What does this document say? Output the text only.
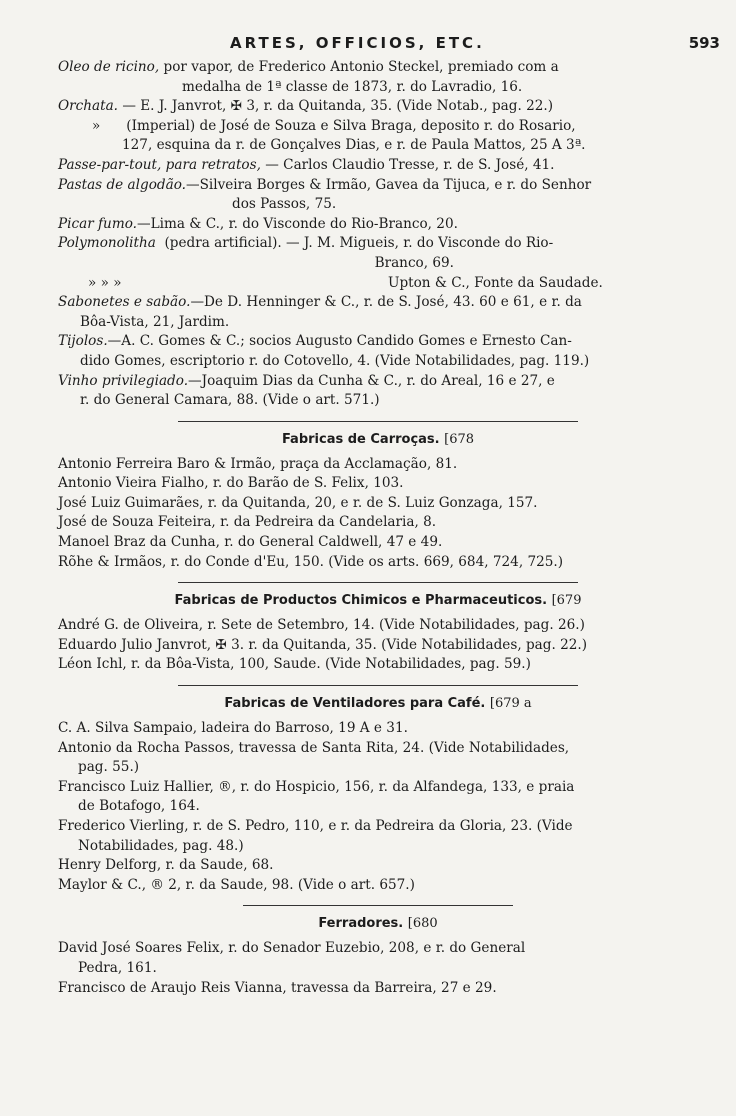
ARTES, OFFICIOS, ETC.	593

Oleo de ricino, por vapor, de Frederico Antonio Steckel, premiado com a

medalha de 1ª classe de 1873, r. do Lavradio, 16.

Orchata. — E. J. Janvrot, ✠ 3, r. da Quitanda, 35. (Vide Notab., pag. 22.)

» (Imperial) de José de Souza e Silva Braga, deposito r. do Rosario,

127, esquina da r. de Gonçalves Dias, e r. de Paula Mattos, 25 A 3ª.

Passe-par-tout, para retratos, — Carlos Claudio Tresse, r. de S. José, 41.

Pastas de algodão.—Silveira Borges & Irmão, Gavea da Tijuca, e r. do Senhor

dos Passos, 75.

Picar fumo.—Lima & C., r. do Visconde do Rio-Branco, 20.

Polymonolitha (pedra artificial). — J. M. Migueis, r. do Visconde do Rio-

Branco, 69.

» » »	Upton & C., Fonte da Saudade.

Sabonetes e sabão.—De D. Henninger & C., r. de S. José, 43. 60 e 61, e r. da

Bôa-Vista, 21, Jardim.

Tijolos.—A. C. Gomes & C.; socios Augusto Candido Gomes e Ernesto Can-

dido Gomes, escriptorio r. do Cotovello, 4. (Vide Notabilidades, pag. 119.)

Vinho privilegiado.—Joaquim Dias da Cunha & C., r. do Areal, 16 e 27, e

r. do General Camara, 88. (Vide o art. 571.)

Fabricas de Carroças. [678

Antonio Ferreira Baro & Irmão, praça da Acclamação, 81.

Antonio Vieira Fialho, r. do Barão de S. Felix, 103.

José Luiz Guimarães, r. da Quitanda, 20, e r. de S. Luiz Gonzaga, 157.

José de Souza Feiteira, r. da Pedreira da Candelaria, 8.

Manoel Braz da Cunha, r. do General Caldwell, 47 e 49.

Rõhe & Irmãos, r. do Conde d'Eu, 150. (Vide os arts. 669, 684, 724, 725.)

Fabricas de Productos Chimicos e Pharmaceuticos. [679

André G. de Oliveira, r. Sete de Setembro, 14. (Vide Notabilidades, pag. 26.)

Eduardo Julio Janvrot, ✠ 3. r. da Quitanda, 35. (Vide Notabilidades, pag. 22.)

Léon Ichl, r. da Bôa-Vista, 100, Saude. (Vide Notabilidades, pag. 59.)

Fabricas de Ventiladores para Café. [679 a

C. A. Silva Sampaio, ladeira do Barroso, 19 A e 31.

Antonio da Rocha Passos, travessa de Santa Rita, 24. (Vide Notabilidades,

pag. 55.)

Francisco Luiz Hallier, ®, r. do Hospicio, 156, r. da Alfandega, 133, e praia

de Botafogo, 164.

Frederico Vierling, r. de S. Pedro, 110, e r. da Pedreira da Gloria, 23. (Vide

Notabilidades, pag. 48.)

Henry Delforg, r. da Saude, 68.

Maylor & C., ® 2, r. da Saude, 98. (Vide o art. 657.)

Ferradores. [680

David José Soares Felix, r. do Senador Euzebio, 208, e r. do General

Pedra, 161.

Francisco de Araujo Reis Vianna, travessa da Barreira, 27 e 29.
